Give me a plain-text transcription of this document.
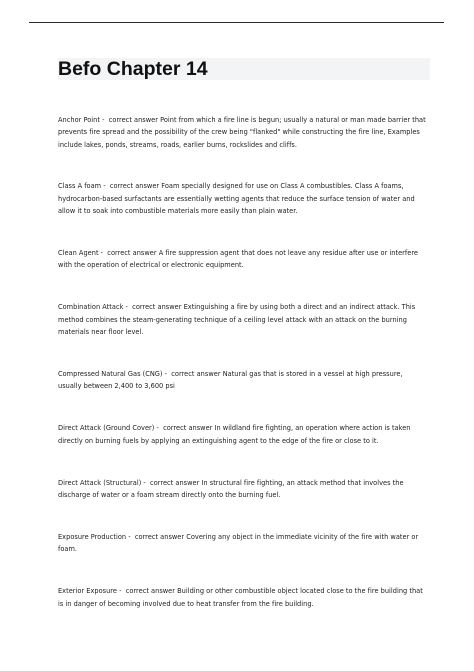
Befo Chapter 14

Anchor Point -  correct answer Point from which a fire line is begun; usually a natural or man made barrier that prevents fire spread and the possibility of the crew being "flanked" while constructing the fire line, Examples include lakes, ponds, streams, roads, earlier burns, rockslides and cliffs.

Class A foam -  correct answer Foam specially designed for use on Class A combustibles. Class A foams, hydrocarbon-based surfactants are essentially wetting agents that reduce the surface tension of water and allow it to soak into combustible materials more easily than plain water.

Clean Agent -  correct answer A fire suppression agent that does not leave any residue after use or interfere with the operation of electrical or electronic equipment.

Combination Attack -  correct answer Extinguishing a fire by using both a direct and an indirect attack. This method combines the steam-generating technique of a ceiling level attack with an attack on the burning materials near floor level.

Compressed Natural Gas (CNG) -  correct answer Natural gas that is stored in a vessel at high pressure, usually between 2,400 to 3,600 psi

Direct Attack (Ground Cover) -  correct answer In wildland fire fighting, an operation where action is taken directly on burning fuels by applying an extinguishing agent to the edge of the fire or close to it.

Direct Attack (Structural) -  correct answer In structural fire fighting, an attack method that involves the discharge of water or a foam stream directly onto the burning fuel.

Exposure Production -  correct answer Covering any object in the immediate vicinity of the fire with water or foam.

Exterior Exposure -  correct answer Building or other combustible object located close to the fire building that is in danger of becoming involved due to heat transfer from the fire building.
